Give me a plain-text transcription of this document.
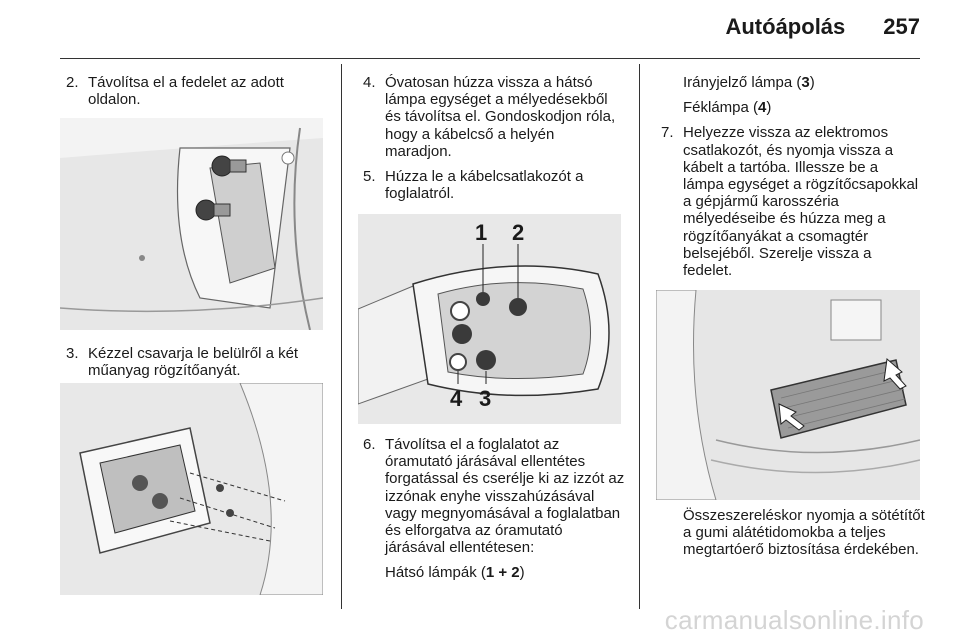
Autóápolás 257
2. Távolítsa el a fedelet az adott oldalon.
3. Kézzel csavarja le belülről a két műanyag rögzítőanyát.
4. Óvatosan húzza vissza a hátsó lámpa egységet a mélyedésekből és távolítsa el. Gondoskodjon róla, hogy a kábelcső a helyén maradjon.
5. Húzza le a kábelcsatlakozót a foglalatról.
1 2
4 3
6. Távolítsa el a foglalatot az óramutató járásával ellentétes forgatással és cserélje ki az izzót az izzónak enyhe visszahúzásával vagy megnyomásával a foglalatban és elforgatva az óramutató járásával ellentétesen:
Hátsó lámpák (1 + 2)
Irányjelző lámpa (3)
Féklámpa (4)
7. Helyezze vissza az elektromos csatlakozót, és nyomja vissza a kábelt a tartóba. Illessze be a lámpa egységet a rögzítőcsapokkal a gépjármű karosszéria mélyedéseibe és húzza meg a rögzítőanyákat a csomagtér belsejéből. Szerelje vissza a fedelet.
Összeszereléskor nyomja a sötétítőt a gumi alátétidomokba a teljes megtartóerő biztosítása érdekében.
carmanualsonline.info
